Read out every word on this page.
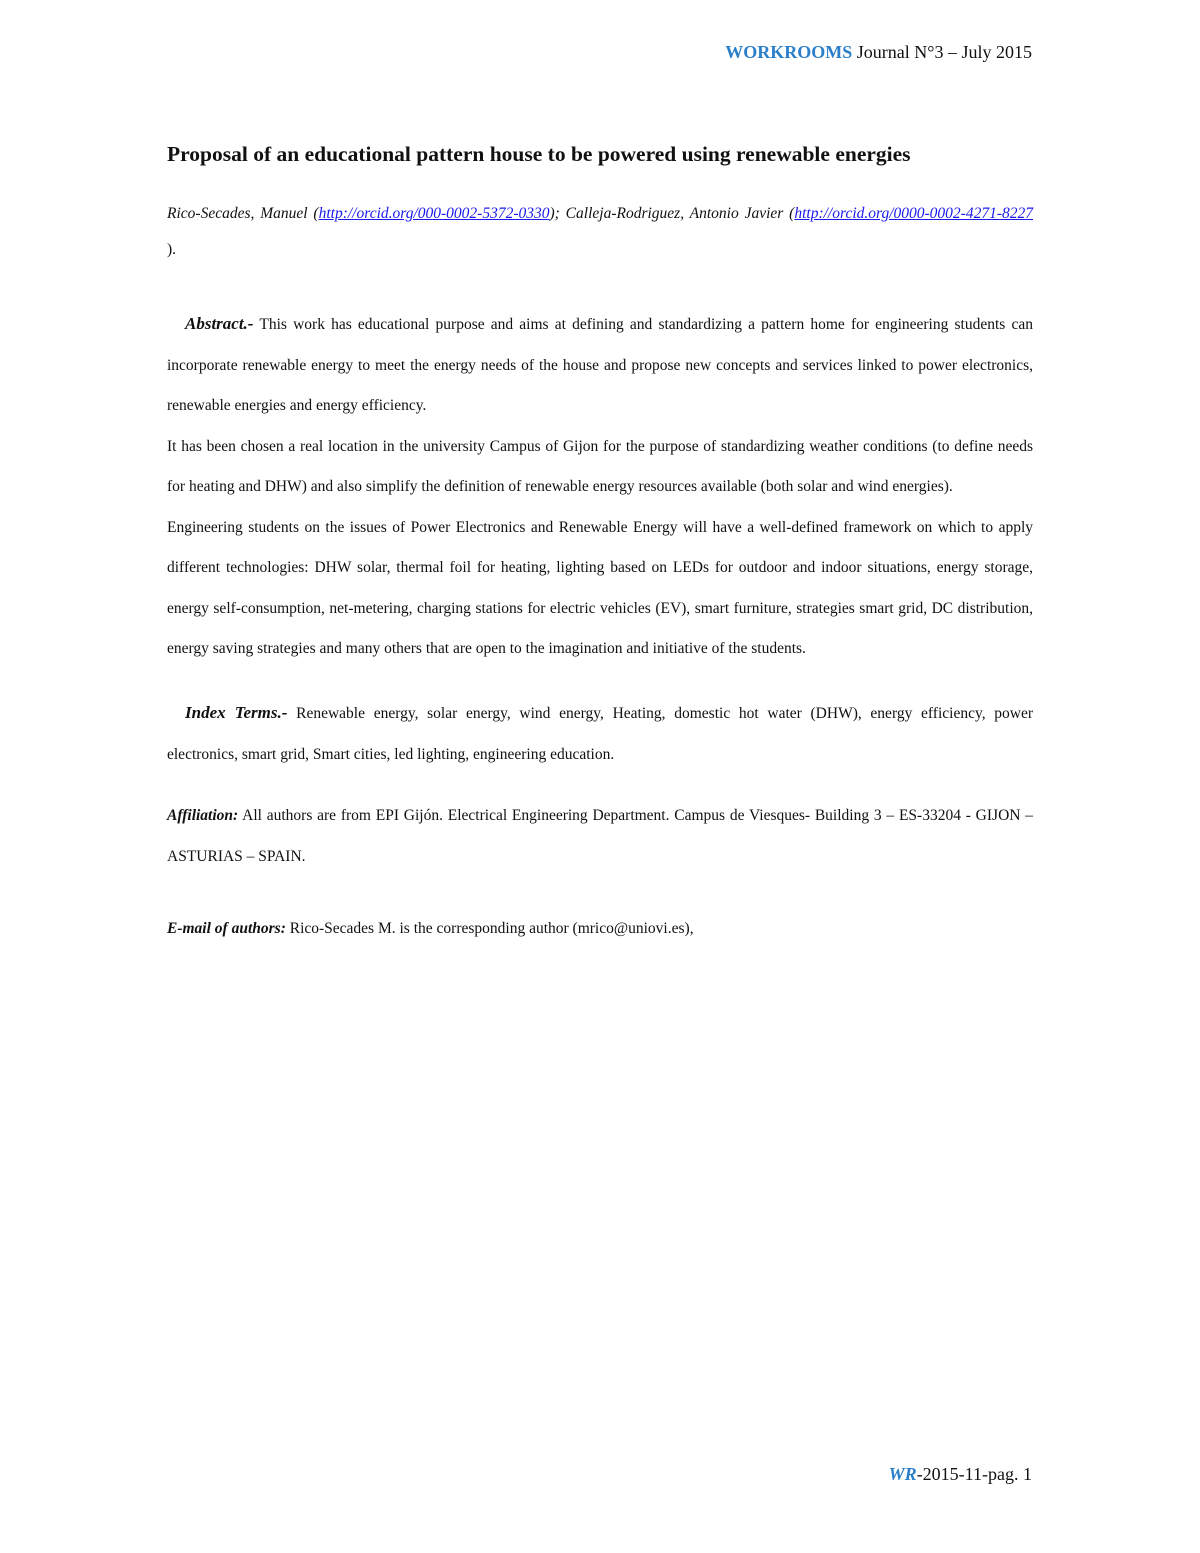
WORKROOMS Journal N°3 – July 2015
Proposal of an educational pattern house to be powered using renewable energies
Rico-Secades, Manuel (http://orcid.org/000-0002-5372-0330); Calleja-Rodriguez, Antonio Javier (http://orcid.org/0000-0002-4271-8227 ).

Abstract.- This work has educational purpose and aims at defining and standardizing a pattern home for engineering students can incorporate renewable energy to meet the energy needs of the house and propose new concepts and services linked to power electronics, renewable energies and energy efficiency.

It has been chosen a real location in the university Campus of Gijon for the purpose of standardizing weather conditions (to define needs for heating and DHW) and also simplify the definition of renewable energy resources available (both solar and wind energies).

Engineering students on the issues of Power Electronics and Renewable Energy will have a well-defined framework on which to apply different technologies: DHW solar, thermal foil for heating, lighting based on LEDs for outdoor and indoor situations, energy storage, energy self-consumption, net-metering, charging stations for electric vehicles (EV), smart furniture, strategies smart grid, DC distribution, energy saving strategies and many others that are open to the imagination and initiative of the students.

Index Terms.- Renewable energy, solar energy, wind energy, Heating, domestic hot water (DHW), energy efficiency, power electronics, smart grid, Smart cities, led lighting, engineering education.
Affiliation: All authors are from EPI Gijón. Electrical Engineering Department. Campus de Viesques- Building 3 – ES-33204 - GIJON – ASTURIAS – SPAIN.
E-mail of authors: Rico-Secades M. is the corresponding author (mrico@uniovi.es),
WR-2015-11-pag. 1
